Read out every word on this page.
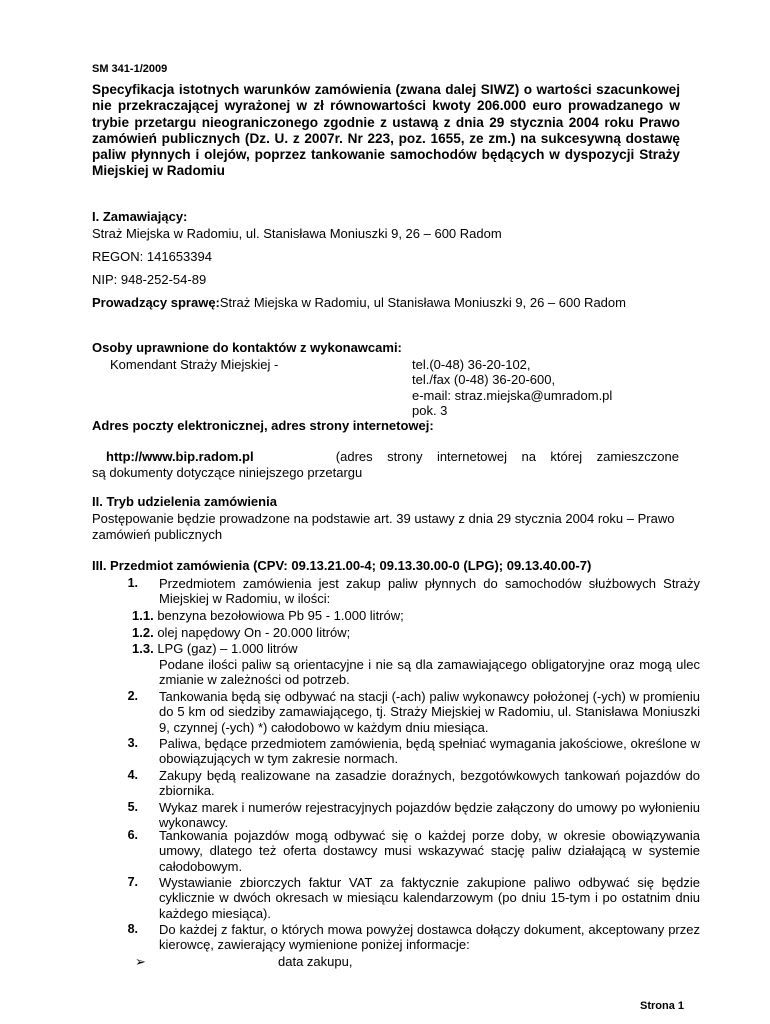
SM 341-1/2009
Specyfikacja istotnych warunków zamówienia (zwana dalej SIWZ) o wartości szacunkowej nie przekraczającej wyrażonej w zł równowartości kwoty 206.000 euro prowadzanego w trybie przetargu nieograniczonego zgodnie z ustawą z dnia 29 stycznia 2004 roku Prawo zamówień publicznych (Dz. U. z 2007r. Nr 223, poz. 1655, ze zm.) na sukcesywną dostawę paliw płynnych i olejów, poprzez tankowanie samochodów będących w dyspozycji Straży Miejskiej w Radomiu
I. Zamawiający:
Straż Miejska w Radomiu, ul. Stanisława Moniuszki 9, 26 – 600 Radom
REGON: 141653394
NIP: 948-252-54-89
Prowadzący sprawę:Straż Miejska w Radomiu, ul Stanisława Moniuszki 9, 26 – 600 Radom
Osoby uprawnione do kontaktów z wykonawcami:
Komendant Straży Miejskiej -	tel.(0-48) 36-20-102,
tel./fax (0-48) 36-20-600,
e-mail: straz.miejska@umradom.pl
pok. 3
Adres poczty elektronicznej, adres strony internetowej:
http://www.bip.radom.pl	(adres    strony    internetowej    na    której    zamieszczone
są dokumenty dotyczące niniejszego przetargu
II. Tryb udzielenia zamówienia
Postępowanie będzie prowadzone na podstawie art. 39 ustawy z dnia 29 stycznia 2004 roku – Prawo zamówień publicznych
III. Przedmiot zamówienia (CPV: 09.13.21.00-4; 09.13.30.00-0 (LPG); 09.13.40.00-7)
1. Przedmiotem zamówienia jest zakup paliw płynnych do samochodów służbowych Straży Miejskiej w Radomiu, w ilości:
1.1. benzyna bezołowiowa Pb 95 - 1.000 litrów;
1.2. olej napędowy On - 20.000 litrów;
1.3. LPG (gaz) – 1.000 litrów
Podane ilości paliw są orientacyjne i nie są dla zamawiającego obligatoryjne oraz mogą ulec zmianie w zależności od potrzeb.
2. Tankowania będą się odbywać na stacji (-ach) paliw wykonawcy położonej (-ych) w promieniu do 5 km od siedziby zamawiającego, tj. Straży Miejskiej w Radomiu, ul. Stanisława Moniuszki 9, czynnej (-ych) *) całodobowo w każdym dniu miesiąca.
3. Paliwa, będące przedmiotem zamówienia, będą spełniać wymagania jakościowe, określone w obowiązujących w tym zakresie normach.
4. Zakupy będą realizowane na zasadzie doraźnych, bezgotówkowych tankowań pojazdów do zbiornika.
5. Wykaz marek i numerów rejestracyjnych pojazdów będzie załączony do umowy po wyłonieniu wykonawcy.
6. Tankowania pojazdów mogą odbywać się o każdej porze doby, w okresie obowiązywania umowy, dlatego też oferta dostawcy musi wskazywać stację paliw działającą w systemie całodobowym.
7. Wystawianie zbiorczych faktur VAT za faktycznie zakupione paliwo odbywać się będzie cyklicznie w dwóch okresach w miesiącu kalendarzowym (po dniu 15-tym i po ostatnim dniu każdego miesiąca).
8. Do każdej z faktur, o których mowa powyżej dostawca dołączy dokument, akceptowany przez kierowcę, zawierający wymienione poniżej informacje:
➢	data zakupu,
Strona 1
